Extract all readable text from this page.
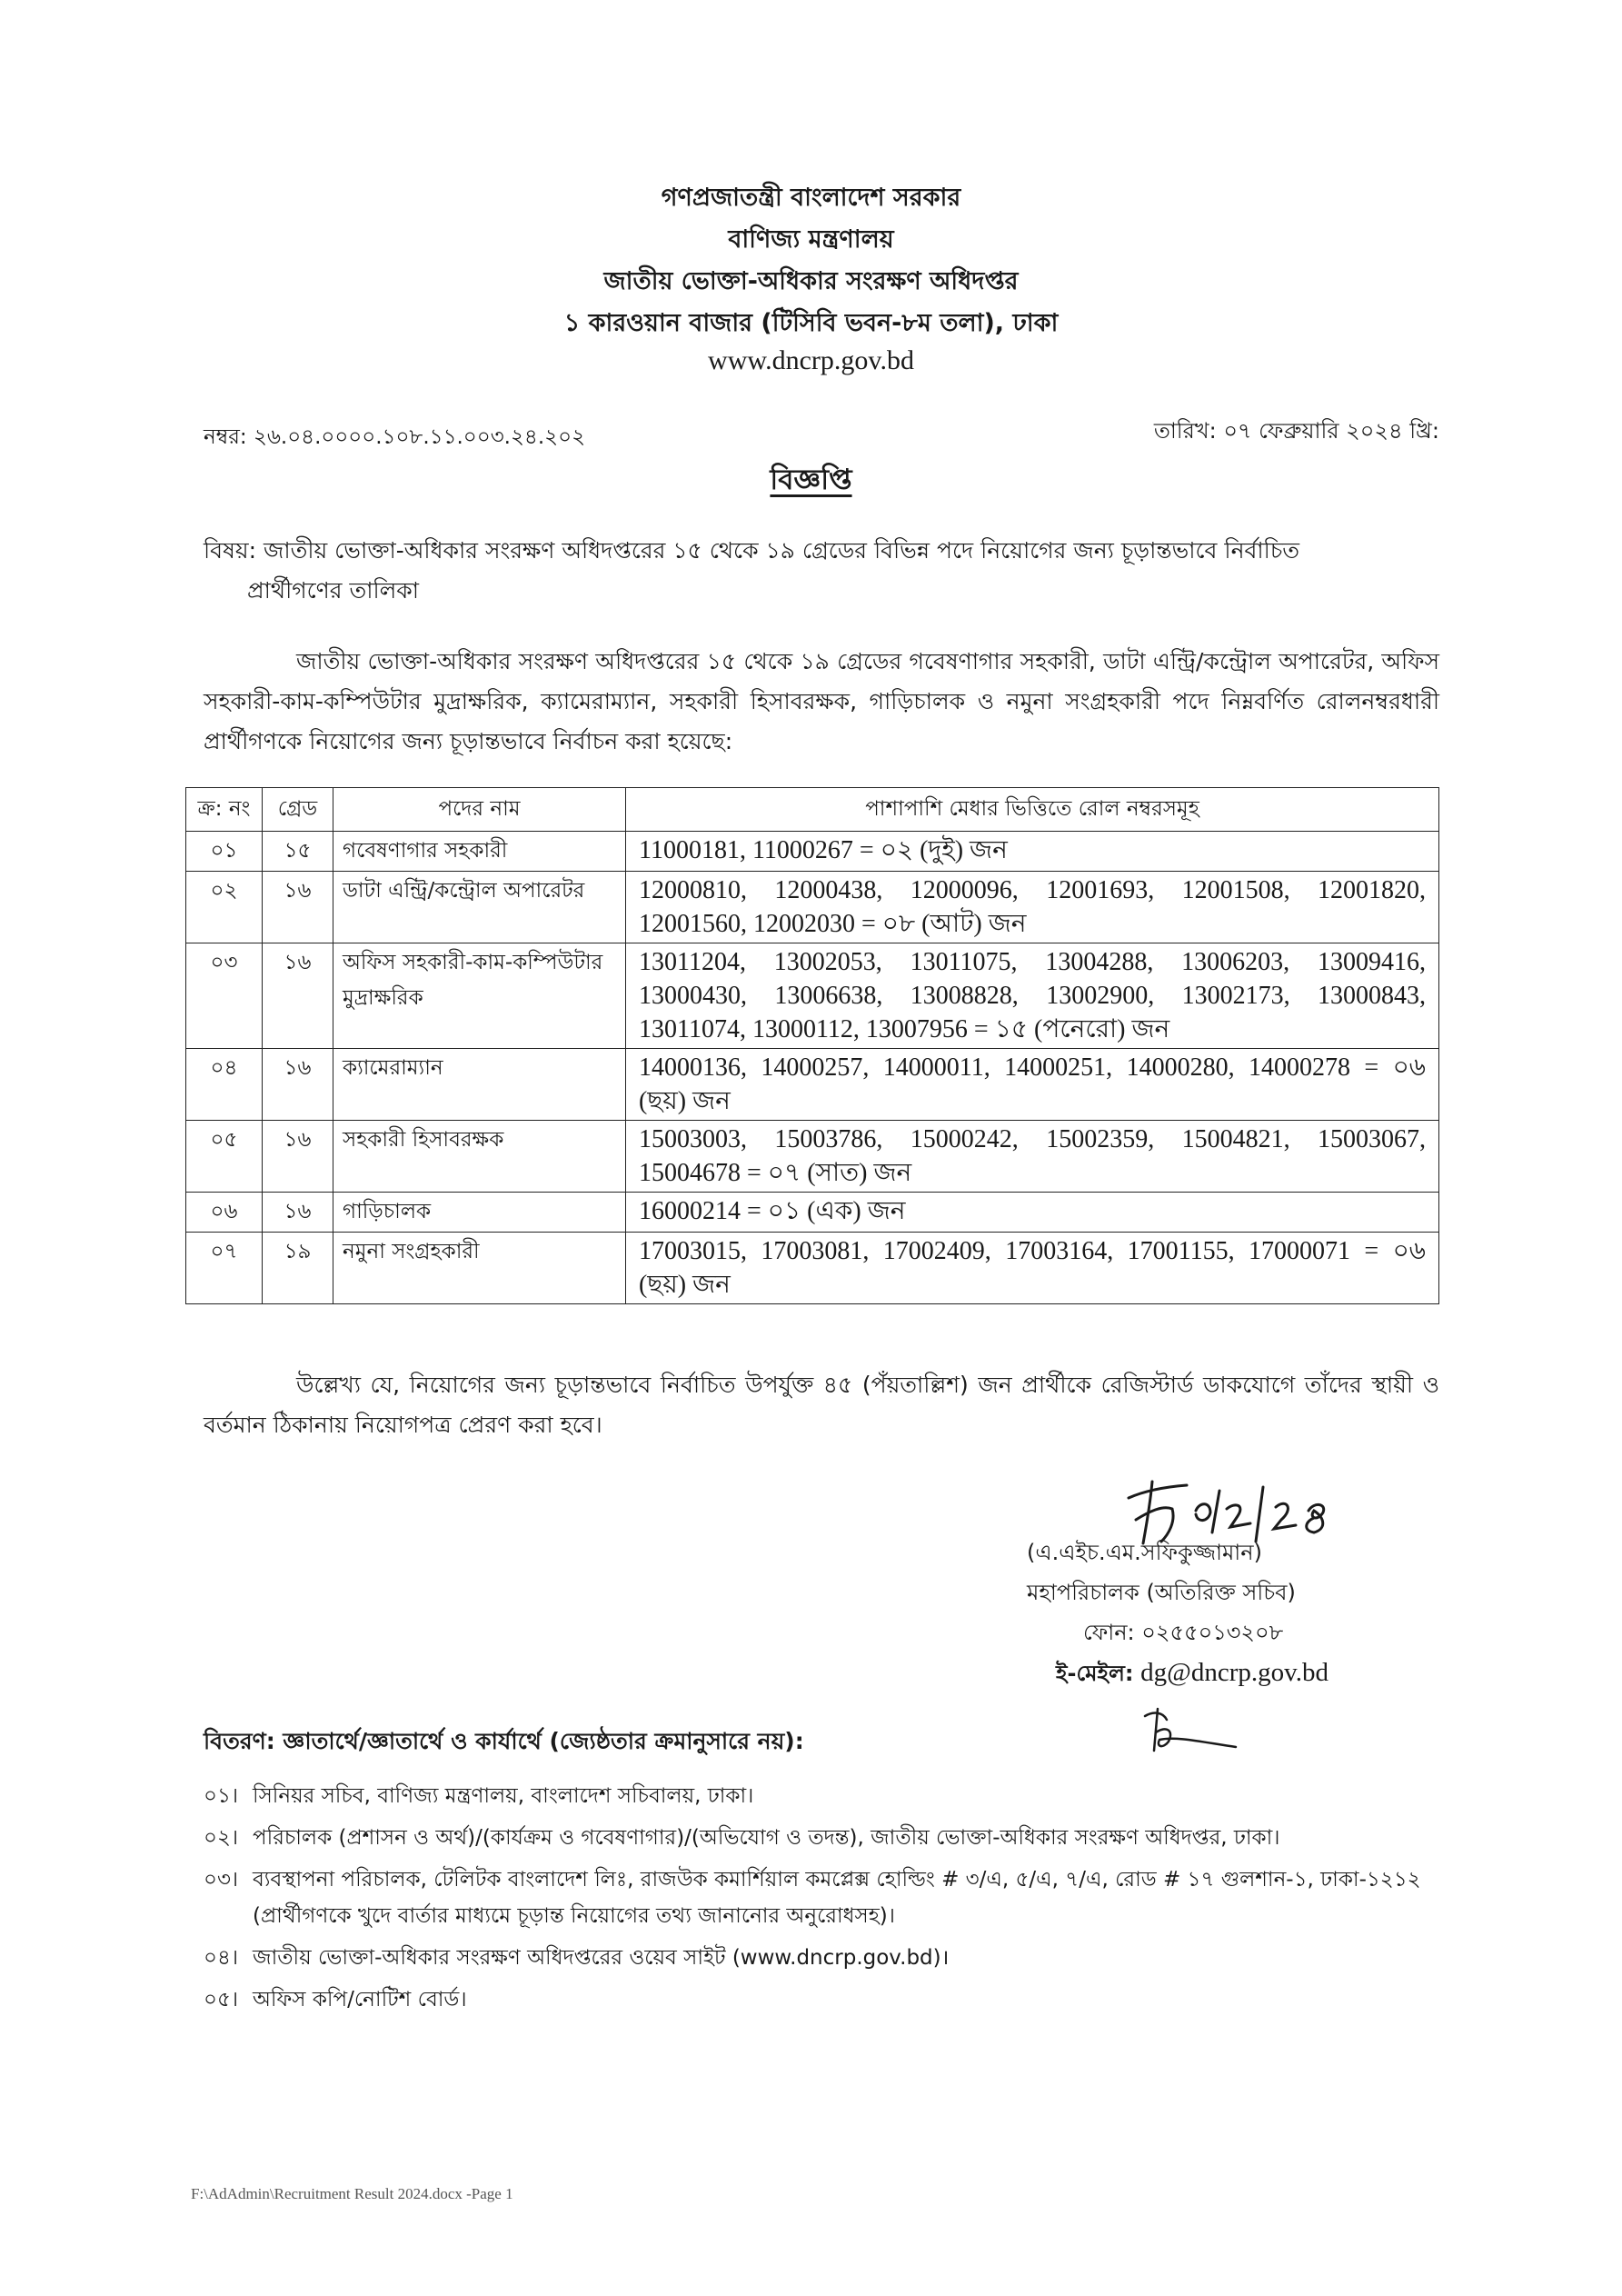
গণপ্রজাতন্ত্রী বাংলাদেশ সরকার
বাণিজ্য মন্ত্রণালয়
জাতীয় ভোক্তা-অধিকার সংরক্ষণ অধিদপ্তর
১ কারওয়ান বাজার (টিসিবি ভবন-৮ম তলা), ঢাকা
www.dncrp.gov.bd
নম্বর: ২৬.০৪.০০০০.১০৮.১১.০০৩.২৪.২০২	তারিখ: ০৭ ফেব্রুয়ারি ২০২৪ খ্রি:
বিজ্ঞপ্তি
বিষয়: জাতীয় ভোক্তা-অধিকার সংরক্ষণ অধিদপ্তরের ১৫ থেকে ১৯ গ্রেডের বিভিন্ন পদে নিয়োগের জন্য চূড়ান্তভাবে নির্বাচিত
প্রার্থীগণের তালিকা
জাতীয় ভোক্তা-অধিকার সংরক্ষণ অধিদপ্তরের ১৫ থেকে ১৯ গ্রেডের গবেষণাগার সহকারী, ডাটা এন্ট্রি/কন্ট্রোল অপারেটর, অফিস সহকারী-কাম-কম্পিউটার মুদ্রাক্ষরিক, ক্যামেরাম্যান, সহকারী হিসাবরক্ষক, গাড়িচালক ও নমুনা সংগ্রহকারী পদে নিম্নবর্ণিত রোলনম্বরধারী প্রার্থীগণকে নিয়োগের জন্য চূড়ান্তভাবে নির্বাচন করা হয়েছে:
ক্র: নং	গ্রেড	পদের নাম	পাশাপাশি মেধার ভিত্তিতে রোল নম্বরসমূহ
০১	১৫	গবেষণাগার সহকারী	11000181, 11000267 = ০২ (দুই) জন
০২	১৬	ডাটা এন্ট্রি/কন্ট্রোল অপারেটর	12000810, 12000438, 12000096, 12001693, 12001508, 12001820, 12001560, 12002030 = ০৮ (আট) জন
০৩	১৬	অফিস সহকারী-কাম-কম্পিউটার মুদ্রাক্ষরিক	13011204, 13002053, 13011075, 13004288, 13006203, 13009416, 13000430, 13006638, 13008828, 13002900, 13002173, 13000843, 13011074, 13000112, 13007956 = ১৫ (পনেরো) জন
০৪	১৬	ক্যামেরাম্যান	14000136, 14000257, 14000011, 14000251, 14000280, 14000278 = ০৬ (ছয়) জন
০৫	১৬	সহকারী হিসাবরক্ষক	15003003, 15003786, 15000242, 15002359, 15004821, 15003067, 15004678 = ০৭ (সাত) জন
০৬	১৬	গাড়িচালক	16000214 = ০১ (এক) জন
০৭	১৯	নমুনা সংগ্রহকারী	17003015, 17003081, 17002409, 17003164, 17001155, 17000071 = ০৬ (ছয়) জন
উল্লেখ্য যে, নিয়োগের জন্য চূড়ান্তভাবে নির্বাচিত উপর্যুক্ত ৪৫ (পঁয়তাল্লিশ) জন প্রার্থীকে রেজিস্টার্ড ডাকযোগে তাঁদের স্থায়ী ও বর্তমান ঠিকানায় নিয়োগপত্র প্রেরণ করা হবে।
(এ.এইচ.এম.সফিকুজ্জামান)
মহাপরিচালক (অতিরিক্ত সচিব)
ফোন: ০২৫৫০১৩২০৮
ই-মেইল: dg@dncrp.gov.bd
বিতরণ: জ্ঞাতার্থে/জ্ঞাতার্থে ও কার্যার্থে (জ্যেষ্ঠতার ক্রমানুসারে নয়):
০১। সিনিয়র সচিব, বাণিজ্য মন্ত্রণালয়, বাংলাদেশ সচিবালয়, ঢাকা।
০২। পরিচালক (প্রশাসন ও অর্থ)/(কার্যক্রম ও গবেষণাগার)/(অভিযোগ ও তদন্ত), জাতীয় ভোক্তা-অধিকার সংরক্ষণ অধিদপ্তর, ঢাকা।
০৩। ব্যবস্থাপনা পরিচালক, টেলিটক বাংলাদেশ লিঃ, রাজউক কমার্শিয়াল কমপ্লেক্স হোল্ডিং # ৩/এ, ৫/এ, ৭/এ, রোড # ১৭ গুলশান-১, ঢাকা-১২১২ (প্রার্থীগণকে খুদে বার্তার মাধ্যমে চূড়ান্ত নিয়োগের তথ্য জানানোর অনুরোধসহ)।
০৪। জাতীয় ভোক্তা-অধিকার সংরক্ষণ অধিদপ্তরের ওয়েব সাইট (www.dncrp.gov.bd)।
০৫। অফিস কপি/নোটিশ বোর্ড।
F:\AdAdmin\Recruitment Result 2024.docx -Page 1
